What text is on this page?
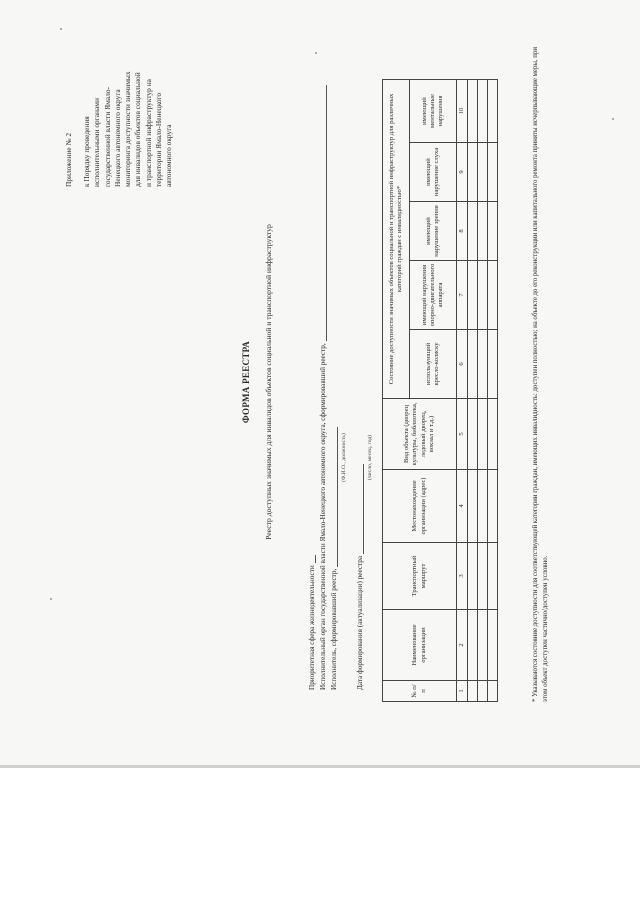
Приложение № 2 к Порядку проведения исполнительными органами государственной власти Ямало- Ненецкого автономного округа мониторинга доступности значимых для инвалидов объектов социальной и транспортной инфраструктур на территории Ямало-Ненецкого автономного округа
ФОРМА РЕЕСТРА Реестр доступных значимых для инвалидов объектов социальной и транспортной инфраструктур
Приоритетная сфера жизнедеятельности Исполнительный орган государственной власти Ямало-Ненецкого автономного округа, сформировавший реестр, Исполнитель, сформировавший реестр,
(Ф.И.О., должность)
Дата формирования (актуализации) реестра
(число, месяц, год)
№ п/п	Наименование организации	Транспортный маршрут	Местонахождение организации (адрес)	Вид объекта (дворец культуры, библиотека, ледовый дворец, вокзал и т.д.)	Состояние доступности значимых объектов социальной и транспортной инфраструктур для различных категорий граждан с инвалидностью*				
					использующий кресло-коляску	имеющий нарушения опорно-двигательного аппарата	имеющий нарушение зрения	имеющий нарушение слуха	имеющий ментальные нарушения
1	2	3	4	5	6	7	8	9	10

* Указываются состояние доступности для соответствующей категории граждан, имеющих инвалидность: доступен полностью; на объекте до его реконструкции или капитального ремонта приняты исчерпывающие меры, при этом объект доступен частично/доступен условно.
